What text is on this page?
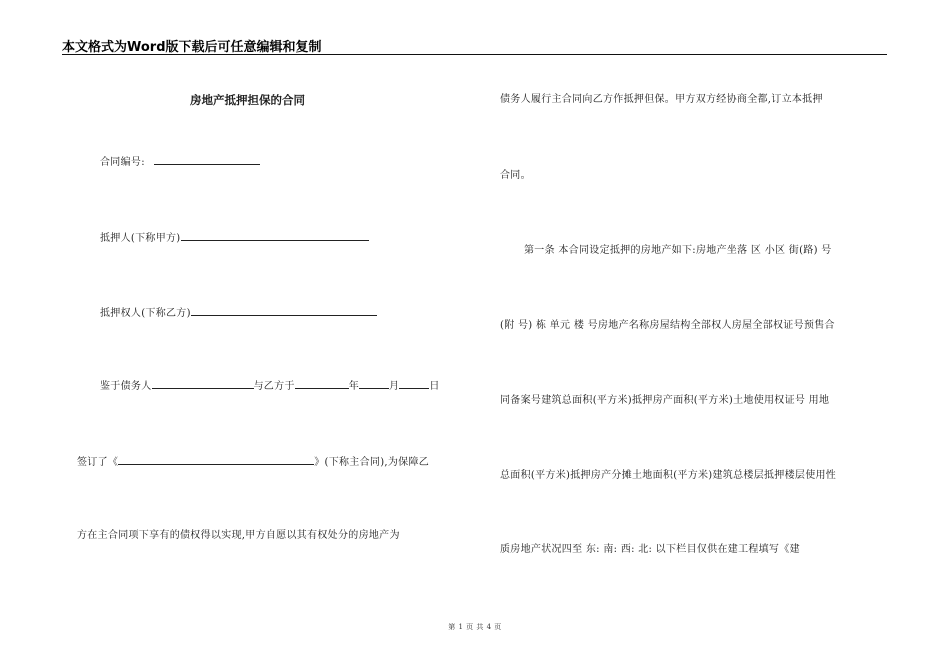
本文格式为Word版下载后可任意编辑和复制
房地产抵押担保的合同
合同编号:
抵押人(下称甲方)
抵押权人(下称乙方)
鉴于债务人	与乙方于	年	月	日
签订了《	》(下称主合同),为保障乙
方在主合同项下享有的债权得以实现,甲方自愿以其有权处分的房地产为
债务人履行主合同向乙方作抵押但保。甲方双方经协商全都,订立本抵押
合同。
第一条 本合同设定抵押的房地产如下:房地产坐落 区 小区 街(路) 号
(附 号) 栋 单元 楼 号房地产名称房屋结构全部权人房屋全部权证号预售合
同备案号建筑总面积(平方米)抵押房产面积(平方米)土地使用权证号 用地
总面积(平方米)抵押房产分摊土地面积(平方米)建筑总楼层抵押楼层使用性
质房地产状况四至 东: 南: 西: 北: 以下栏目仅供在建工程填写《建
第 1 页 共 4 页
